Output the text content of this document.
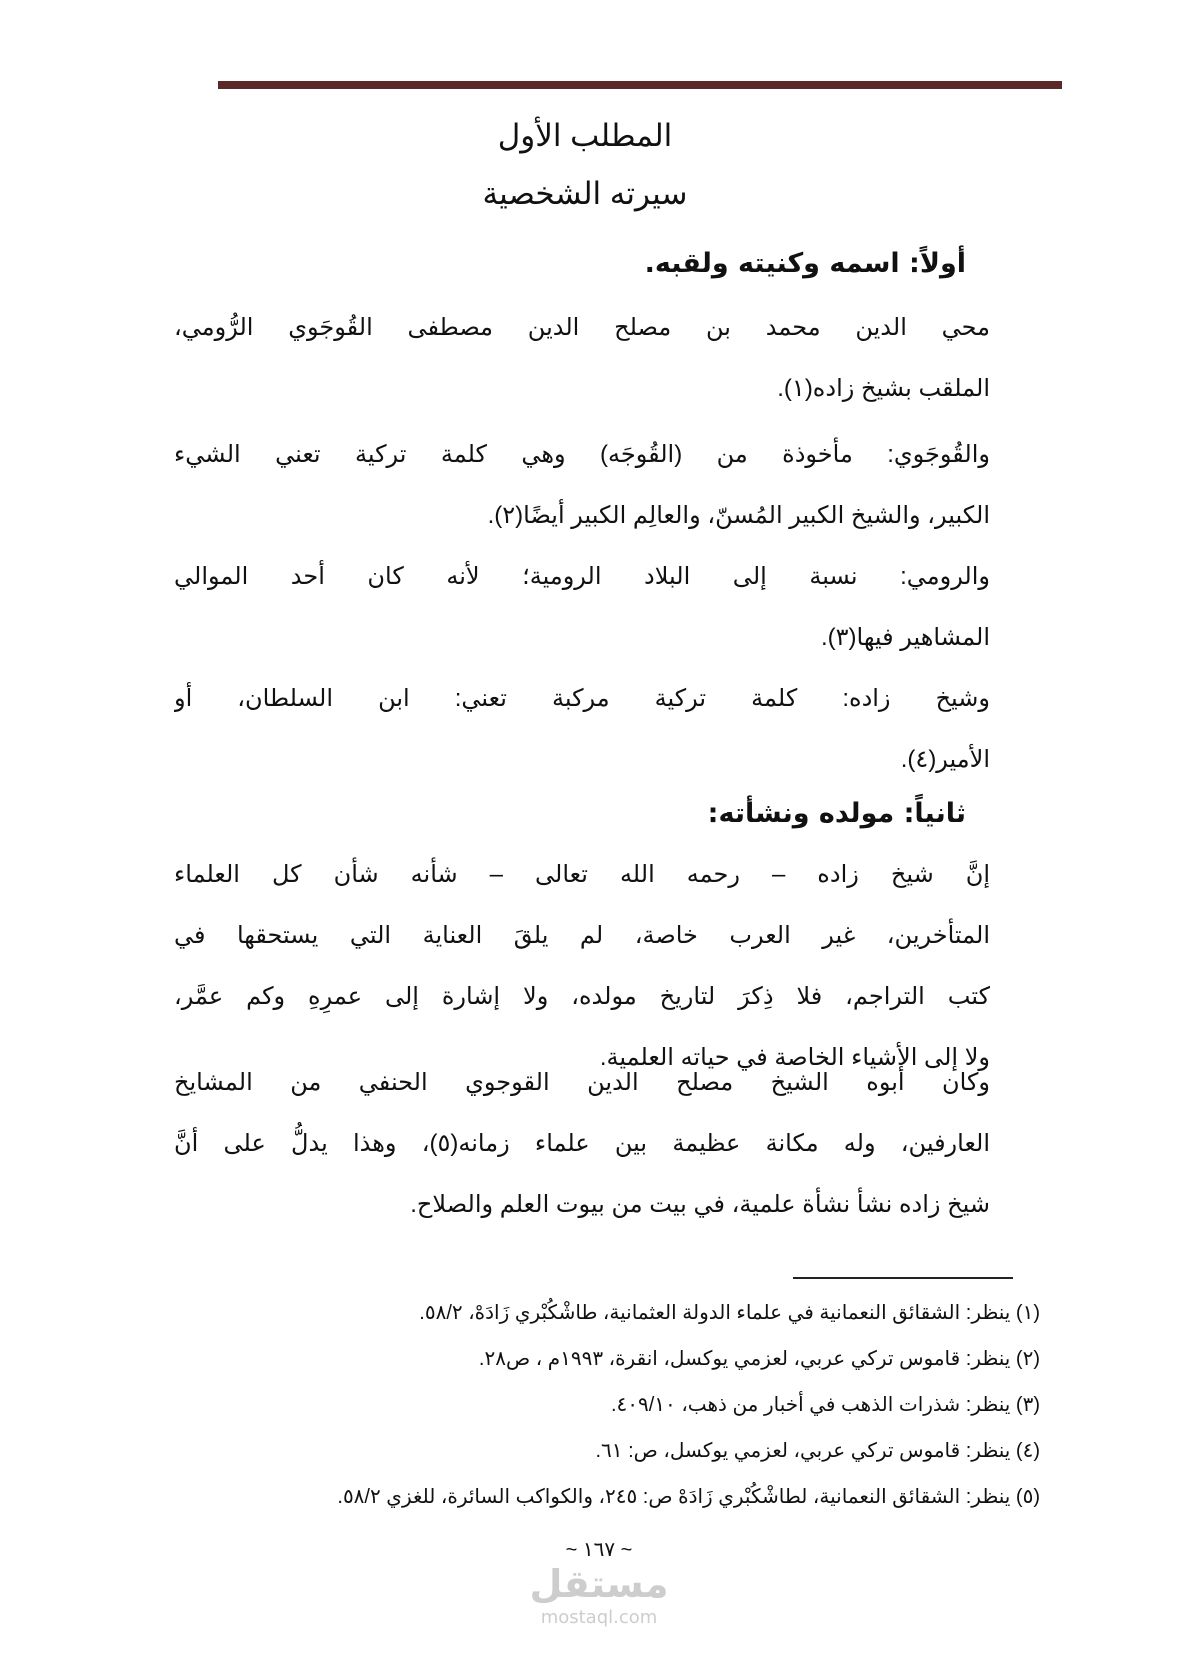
المطلب الأول
سيرته الشخصية
أولاً: اسمه وكنيته ولقبه.
محي الدين محمد بن مصلح الدين مصطفى القُوجَوي الرُّومي،
الملقب بشيخ زاده(١).
والقُوجَوي: مأخوذة من (القُوجَه) وهي كلمة تركية تعني الشيء
الكبير، والشيخ الكبير المُسنّ، والعالِم الكبير أيضًا(٢).
والرومي: نسبة إلى البلاد الرومية؛ لأنه كان أحد الموالي
المشاهير فيها(٣).
وشيخ زاده: كلمة تركية مركبة تعني: ابن السلطان، أو
الأمير(٤).
ثانياً: مولده ونشأته:
إنَّ شيخ زاده – رحمه الله تعالى – شأنه شأن كل العلماء
المتأخرين، غير العرب خاصة، لم يلقَ العناية التي يستحقها في
كتب التراجم، فلا ذِكرَ لتاريخ مولده، ولا إشارة إلى عمرِهِ وكم عمَّر،
ولا إلى الأشياء الخاصة في حياته العلمية.
وكان أبوه الشيخ مصلح الدين القوجوي الحنفي من المشايخ
العارفين، وله مكانة عظيمة بين علماء زمانه(٥)، وهذا يدلُّ على أنَّ
شيخ زاده نشأ نشأة علمية، في بيت من بيوت العلم والصلاح.
(١) ينظر: الشقائق النعمانية في علماء الدولة العثمانية، طاشْكُبْري زَادَهْ، ٥٨/٢.
(٢) ينظر: قاموس تركي عربي، لعزمي يوكسل، انقرة، ١٩٩٣م ، ص٢٨.
(٣) ينظر: شذرات الذهب في أخبار من ذهب، ٤٠٩/١٠.
(٤) ينظر: قاموس تركي عربي، لعزمي يوكسل، ص: ٦١.
(٥) ينظر: الشقائق النعمانية، لطاشْكُبْري زَادَهْ ص: ٢٤٥، والكواكب السائرة، للغزي ٥٨/٢.
~ ١٦٧ ~
مستقل
mostaql.com
